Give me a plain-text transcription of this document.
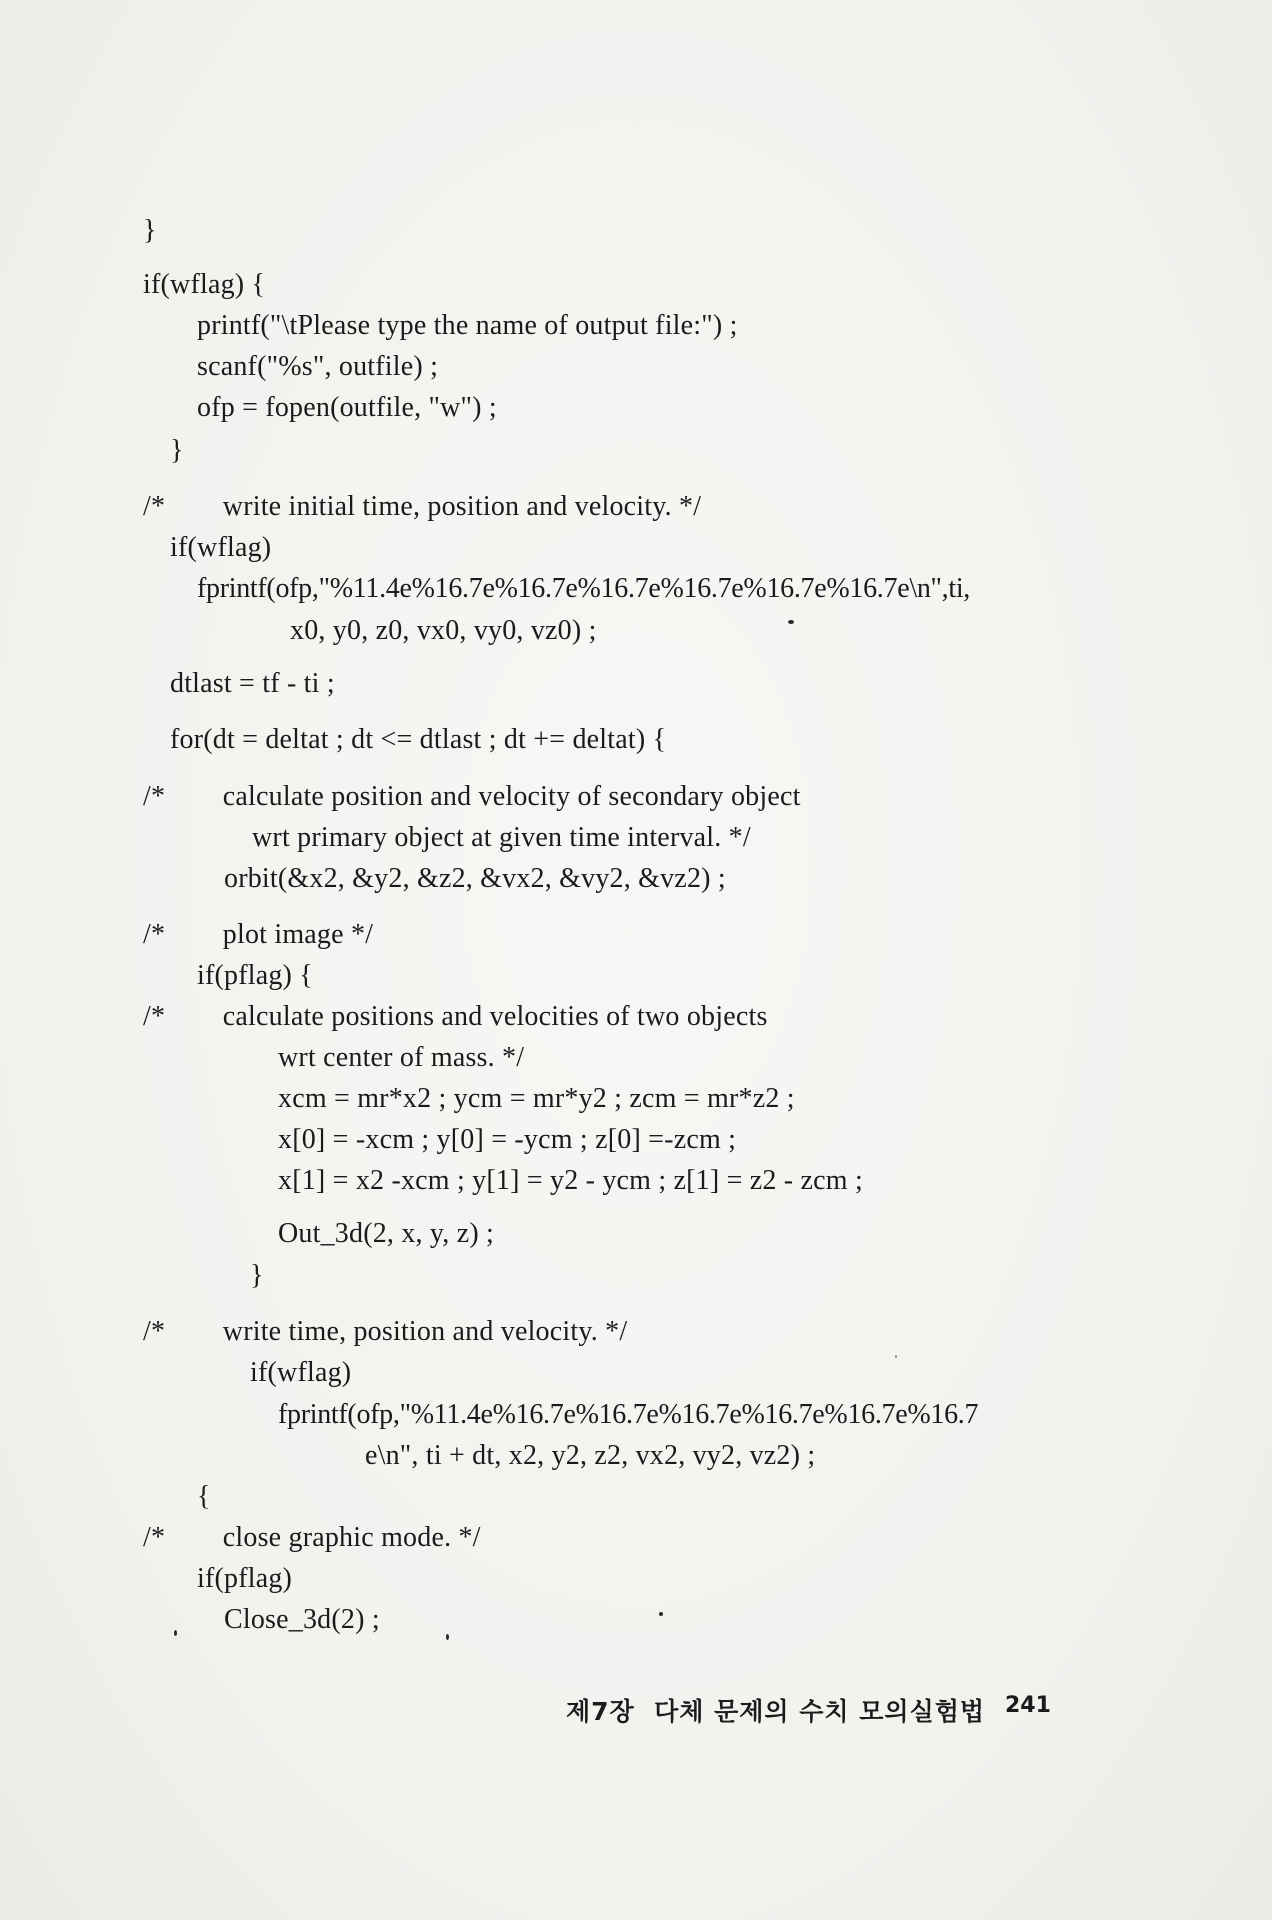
}
if(wflag) {
printf("\tPlease type the name of output file:") ;
scanf("%s", outfile) ;
ofp = fopen(outfile, "w") ;
}
/*        write initial time, position and velocity. */
if(wflag)
fprintf(ofp,"%11.4e%16.7e%16.7e%16.7e%16.7e%16.7e%16.7e\n",ti,
x0, y0, z0, vx0, vy0, vz0) ;
dtlast = tf - ti ;
for(dt = deltat ; dt <= dtlast ; dt += deltat) {
/*        calculate position and velocity of secondary object
wrt primary object at given time interval. */
orbit(&x2, &y2, &z2, &vx2, &vy2, &vz2) ;
/*        plot image */
if(pflag) {
/*        calculate positions and velocities of two objects
wrt center of mass. */
xcm = mr*x2 ; ycm = mr*y2 ; zcm = mr*z2 ;
x[0] = -xcm ; y[0] = -ycm ; z[0] =-zcm ;
x[1] = x2 -xcm ; y[1] = y2 - ycm ; z[1] = z2 - zcm ;
Out_3d(2, x, y, z) ;
}
/*        write time, position and velocity. */
if(wflag)
fprintf(ofp,"%11.4e%16.7e%16.7e%16.7e%16.7e%16.7e%16.7
e\n", ti + dt, x2, y2, z2, vx2, vy2, vz2) ;
{
/*        close graphic mode. */
if(pflag)
Close_3d(2) ;
제7장  다체 문제의 수치 모의실험법 241
